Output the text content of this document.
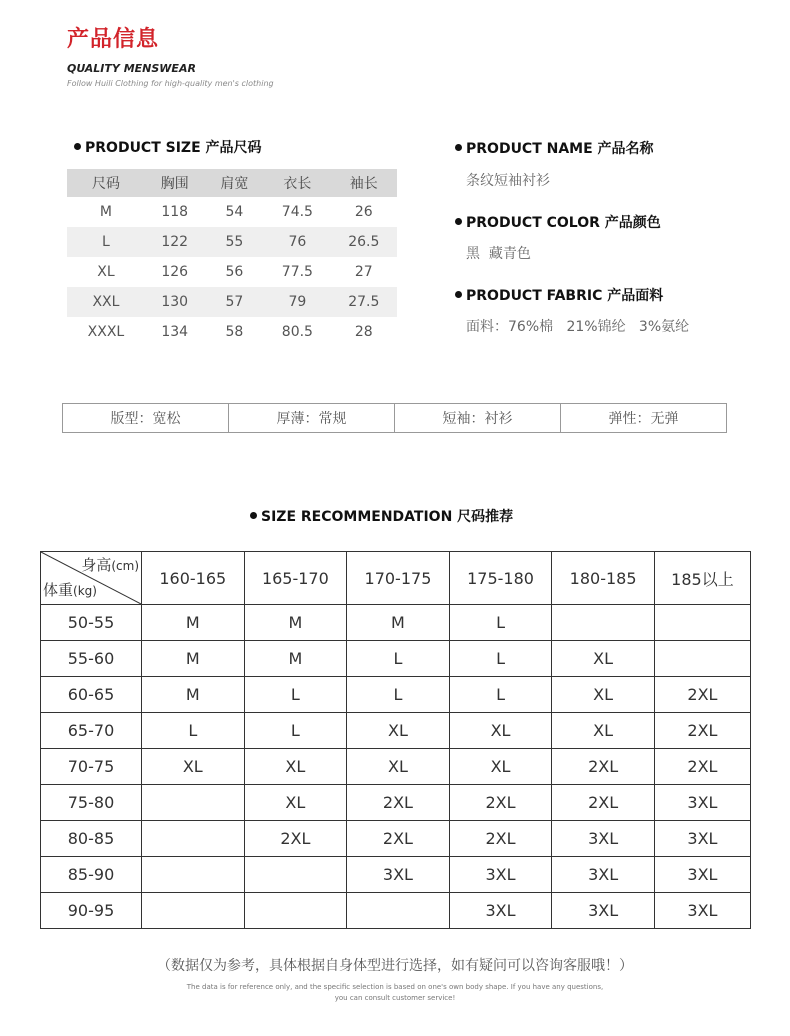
产品信息
QUALITY MENSWEAR
Follow Huili Clothing for high-quality men's clothing
PRODUCT SIZE 产品尺码
尺码	胸围	肩宽	衣长	袖长
M	118	54	74.5	26
L	122	55	76	26.5
XL	126	56	77.5	27
XXL	130	57	79	27.5
XXXL	134	58	80.5	28
PRODUCT NAME 产品名称
条纹短袖衬衫
PRODUCT COLOR 产品颜色
黑  藏青色
PRODUCT FABRIC 产品面料
面料：76%棉   21%锦纶   3%氨纶
版型：宽松	厚薄：常规	短袖：衬衫	弹性：无弹
SIZE RECOMMENDATION 尺码推荐
身高(cm)
体重(kg)	160-165	165-170	170-175	175-180	180-185	185以上
50-55	M	M	M	L		
55-60	M	M	L	L	XL	
60-65	M	L	L	L	XL	2XL
65-70	L	L	XL	XL	XL	2XL
70-75	XL	XL	XL	XL	2XL	2XL
75-80		XL	2XL	2XL	2XL	3XL
80-85		2XL	2XL	2XL	3XL	3XL
85-90			3XL	3XL	3XL	3XL
90-95				3XL	3XL	3XL
（数据仅为参考，具体根据自身体型进行选择，如有疑问可以咨询客服哦！）
The data is for reference only, and the specific selection is based on one's own body shape. If you have any questions,
you can consult customer service!
